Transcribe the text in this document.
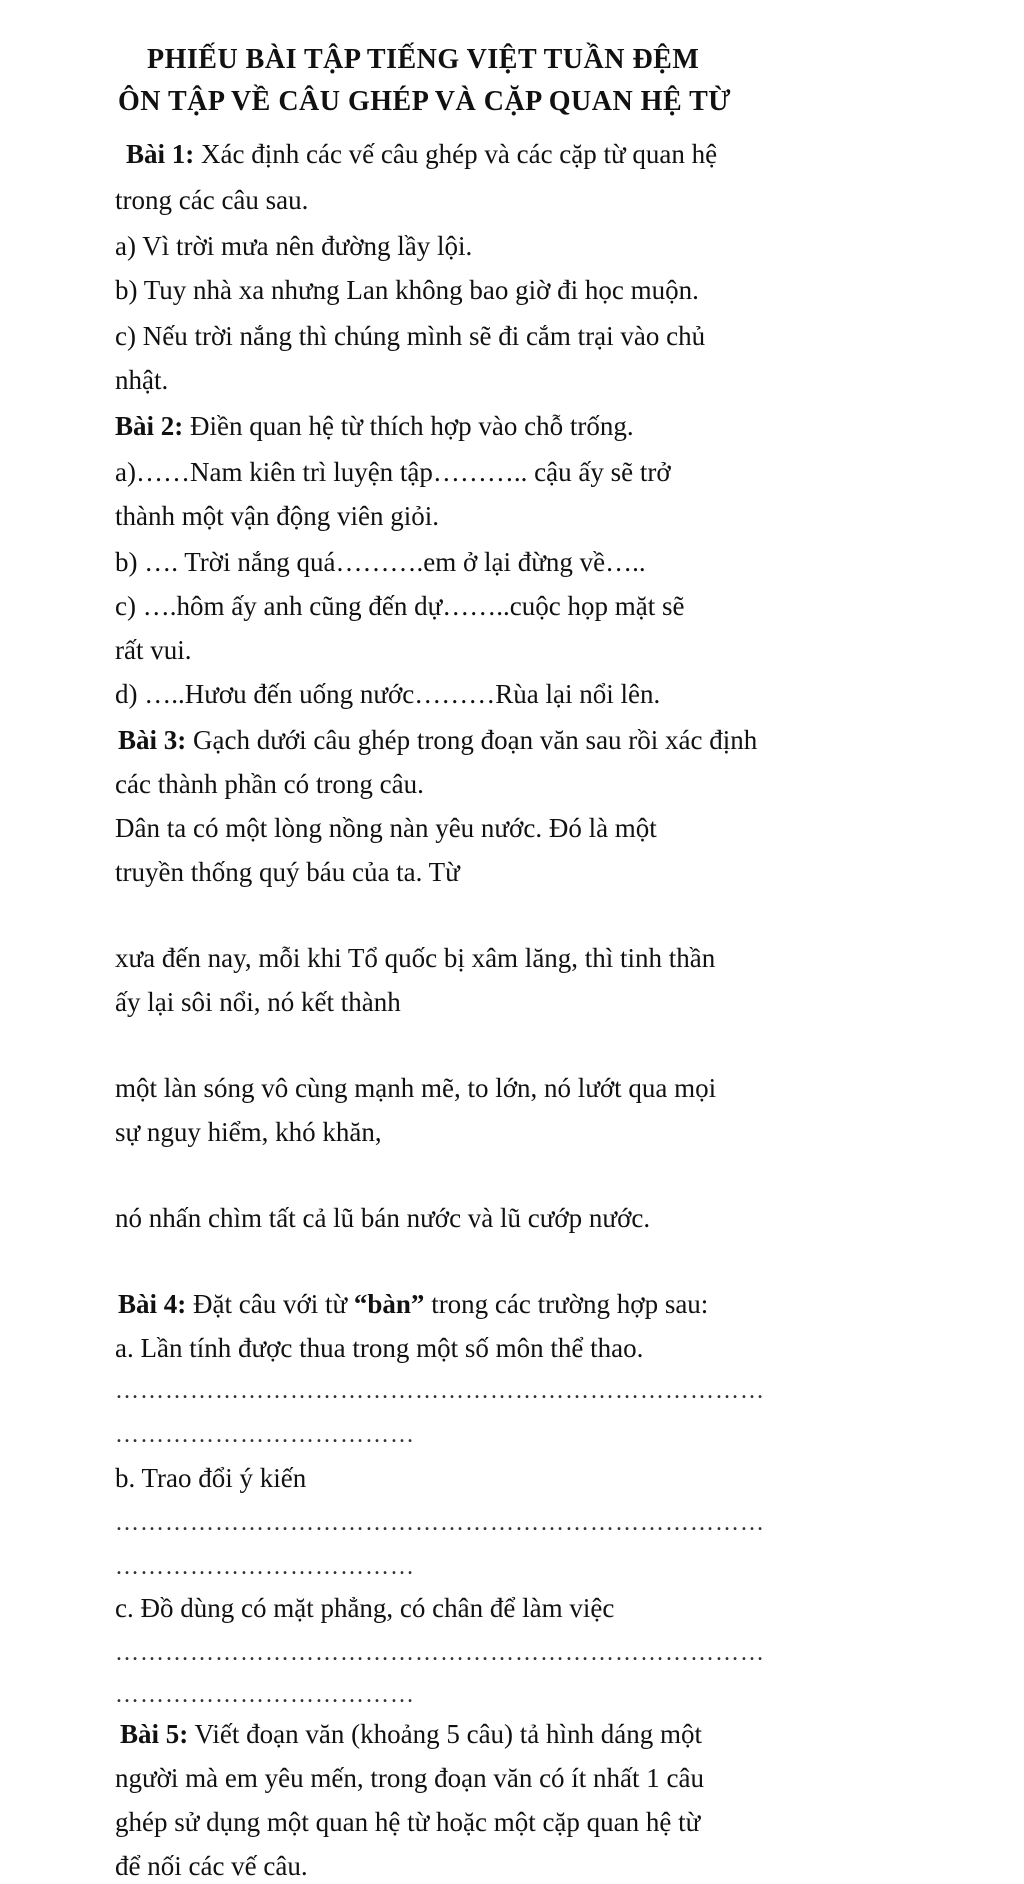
PHIẾU BÀI TẬP TIẾNG VIỆT TUẦN ĐỆM
ÔN TẬP VỀ CÂU GHÉP VÀ CẶP QUAN HỆ TỪ
Bài 1: Xác định các vế câu ghép và các cặp từ quan hệ
trong các câu sau.
a) Vì trời mưa nên đường lầy lội.
b) Tuy nhà xa nhưng Lan không bao giờ đi học muộn.
c) Nếu trời nắng thì chúng mình sẽ đi cắm trại vào chủ
nhật.
Bài 2: Điền quan hệ từ thích hợp vào chỗ trống.
a)……Nam kiên trì luyện tập……….. cậu ấy sẽ trở
thành một vận động viên giỏi.
b) …. Trời nắng quá……….em ở lại đừng về…..
c) ….hôm ấy anh cũng đến dự……..cuộc họp mặt sẽ
rất vui.
d) …..Hươu đến uống nước………Rùa lại nổi lên.
Bài 3: Gạch dưới câu ghép trong đoạn văn sau rồi xác định
các thành phần có trong câu.
Dân ta có một lòng nồng nàn yêu nước. Đó là một
truyền thống quý báu của ta. Từ
xưa đến nay, mỗi khi Tổ quốc bị xâm lăng, thì tinh thần
ấy lại sôi nổi, nó kết thành
một làn sóng vô cùng mạnh mẽ, to lớn, nó lướt qua mọi
sự nguy hiểm, khó khăn,
nó nhấn chìm tất cả lũ bán nước và lũ cướp nước.
Bài 4: Đặt câu với từ “bàn” trong các trường hợp sau:
a. Lần tính được thua trong một số môn thể thao.
……………………………………………………………………
………………………………
b. Trao đổi ý kiến
……………………………………………………………………
………………………………
c. Đồ dùng có mặt phẳng, có chân để làm việc
……………………………………………………………………
………………………………
Bài 5: Viết đoạn văn (khoảng 5 câu) tả hình dáng một
người mà em yêu mến, trong đoạn văn có ít nhất 1 câu
ghép sử dụng một quan hệ từ hoặc một cặp quan hệ từ
để nối các vế câu.
